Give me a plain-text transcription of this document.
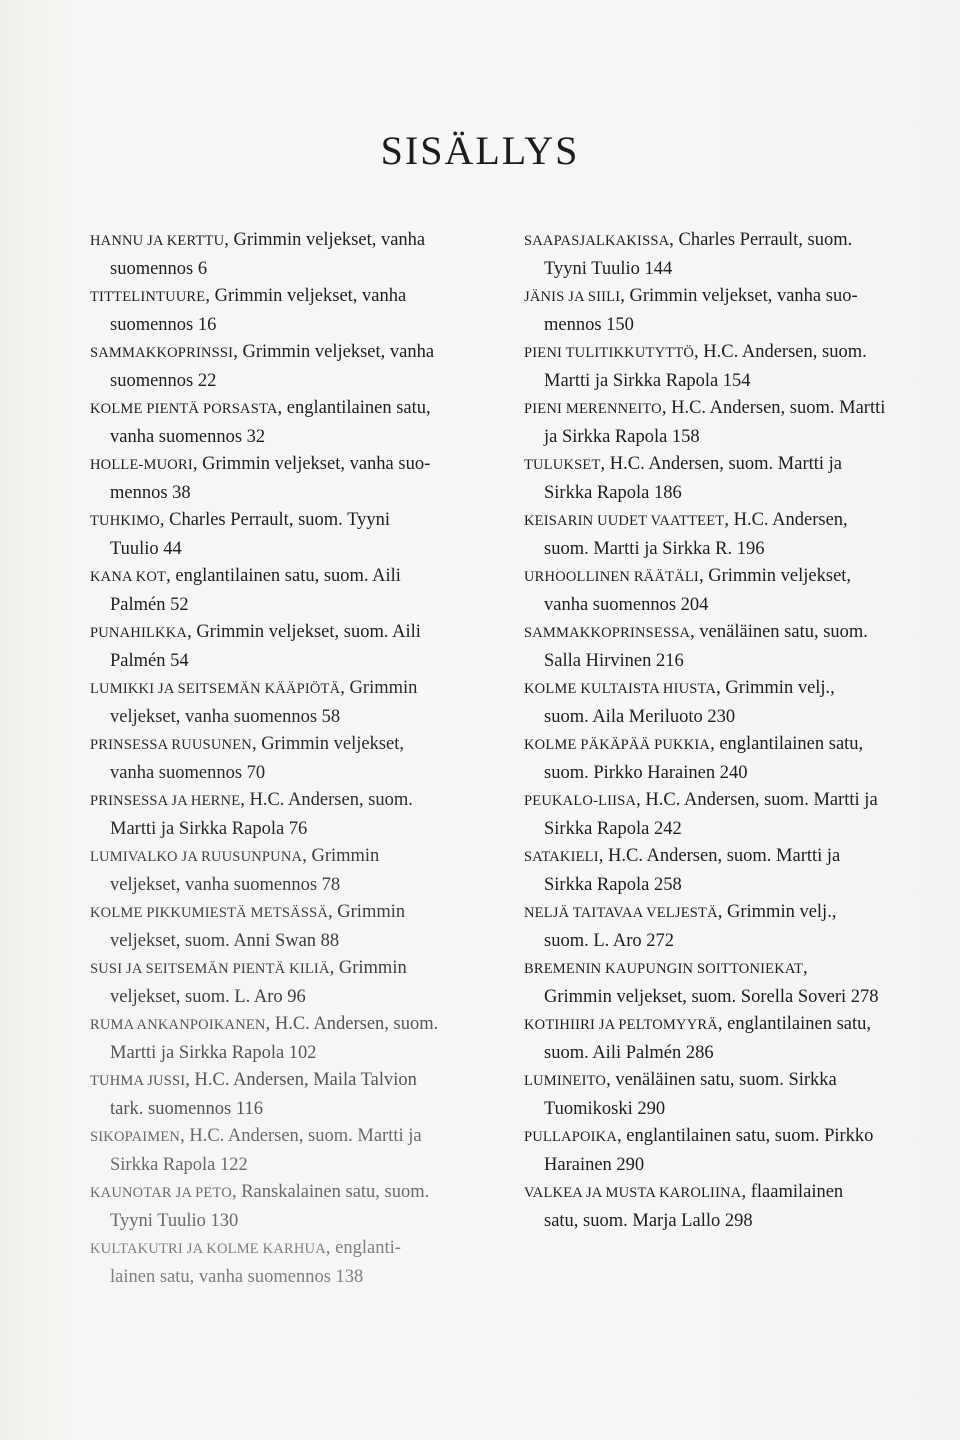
SISÄLLYS
HANNU JA KERTTU, Grimmin veljekset, vanha
suomennos 6
TITTELINTUURE, Grimmin veljekset, vanha
suomennos 16
SAMMAKKOPRINSSI, Grimmin veljekset, vanha
suomennos 22
KOLME PIENTÄ PORSASTA, englantilainen satu,
vanha suomennos 32
HOLLE-MUORI, Grimmin veljekset, vanha suo-
mennos 38
TUHKIMO, Charles Perrault, suom. Tyyni
Tuulio 44
KANA KOT, englantilainen satu, suom. Aili
Palmén 52
PUNAHILKKA, Grimmin veljekset, suom. Aili
Palmén 54
LUMIKKI JA SEITSEMÄN KÄÄPIÖTÄ, Grimmin
veljekset, vanha suomennos 58
PRINSESSA RUUSUNEN, Grimmin veljekset,
vanha suomennos 70
PRINSESSA JA HERNE, H.C. Andersen, suom.
Martti ja Sirkka Rapola 76
LUMIVALKO JA RUUSUNPUNA, Grimmin
veljekset, vanha suomennos 78
KOLME PIKKUMIESTÄ METSÄSSÄ, Grimmin
veljekset, suom. Anni Swan 88
SUSI JA SEITSEMÄN PIENTÄ KILIÄ, Grimmin
veljekset, suom. L. Aro 96
RUMA ANKANPOIKANEN, H.C. Andersen, suom.
Martti ja Sirkka Rapola 102
TUHMA JUSSI, H.C. Andersen, Maila Talvion
tark. suomennos 116
SIKOPAIMEN, H.C. Andersen, suom. Martti ja
Sirkka Rapola 122
KAUNOTAR JA PETO, Ranskalainen satu, suom.
Tyyni Tuulio 130
KULTAKUTRI JA KOLME KARHUA, englanti-
lainen satu, vanha suomennos 138
SAAPASJALKAKISSA, Charles Perrault, suom.
Tyyni Tuulio 144
JÄNIS JA SIILI, Grimmin veljekset, vanha suo-
mennos 150
PIENI TULITIKKUTYTTÖ, H.C. Andersen, suom.
Martti ja Sirkka Rapola 154
PIENI MERENNEITO, H.C. Andersen, suom. Martti
ja Sirkka Rapola 158
TULUKSET, H.C. Andersen, suom. Martti ja
Sirkka Rapola 186
KEISARIN UUDET VAATTEET, H.C. Andersen,
suom. Martti ja Sirkka R. 196
URHOOLLINEN RÄÄTÄLI, Grimmin veljekset,
vanha suomennos 204
SAMMAKKOPRINSESSA, venäläinen satu, suom.
Salla Hirvinen 216
KOLME KULTAISTA HIUSTA, Grimmin velj.,
suom. Aila Meriluoto 230
KOLME PÄKÄPÄÄ PUKKIA, englantilainen satu,
suom. Pirkko Harainen 240
PEUKALO-LIISA, H.C. Andersen, suom. Martti ja
Sirkka Rapola 242
SATAKIELI, H.C. Andersen, suom. Martti ja
Sirkka Rapola 258
NELJÄ TAITAVAA VELJESTÄ, Grimmin velj.,
suom. L. Aro 272
BREMENIN KAUPUNGIN SOITTONIEKAT,
Grimmin veljekset, suom. Sorella Soveri 278
KOTIHIIRI JA PELTOMYYRÄ, englantilainen satu,
suom. Aili Palmén 286
LUMINEITO, venäläinen satu, suom. Sirkka
Tuomikoski 290
PULLAPOIKA, englantilainen satu, suom. Pirkko
Harainen 290
VALKEA JA MUSTA KAROLIINA, flaamilainen
satu, suom. Marja Lallo 298
